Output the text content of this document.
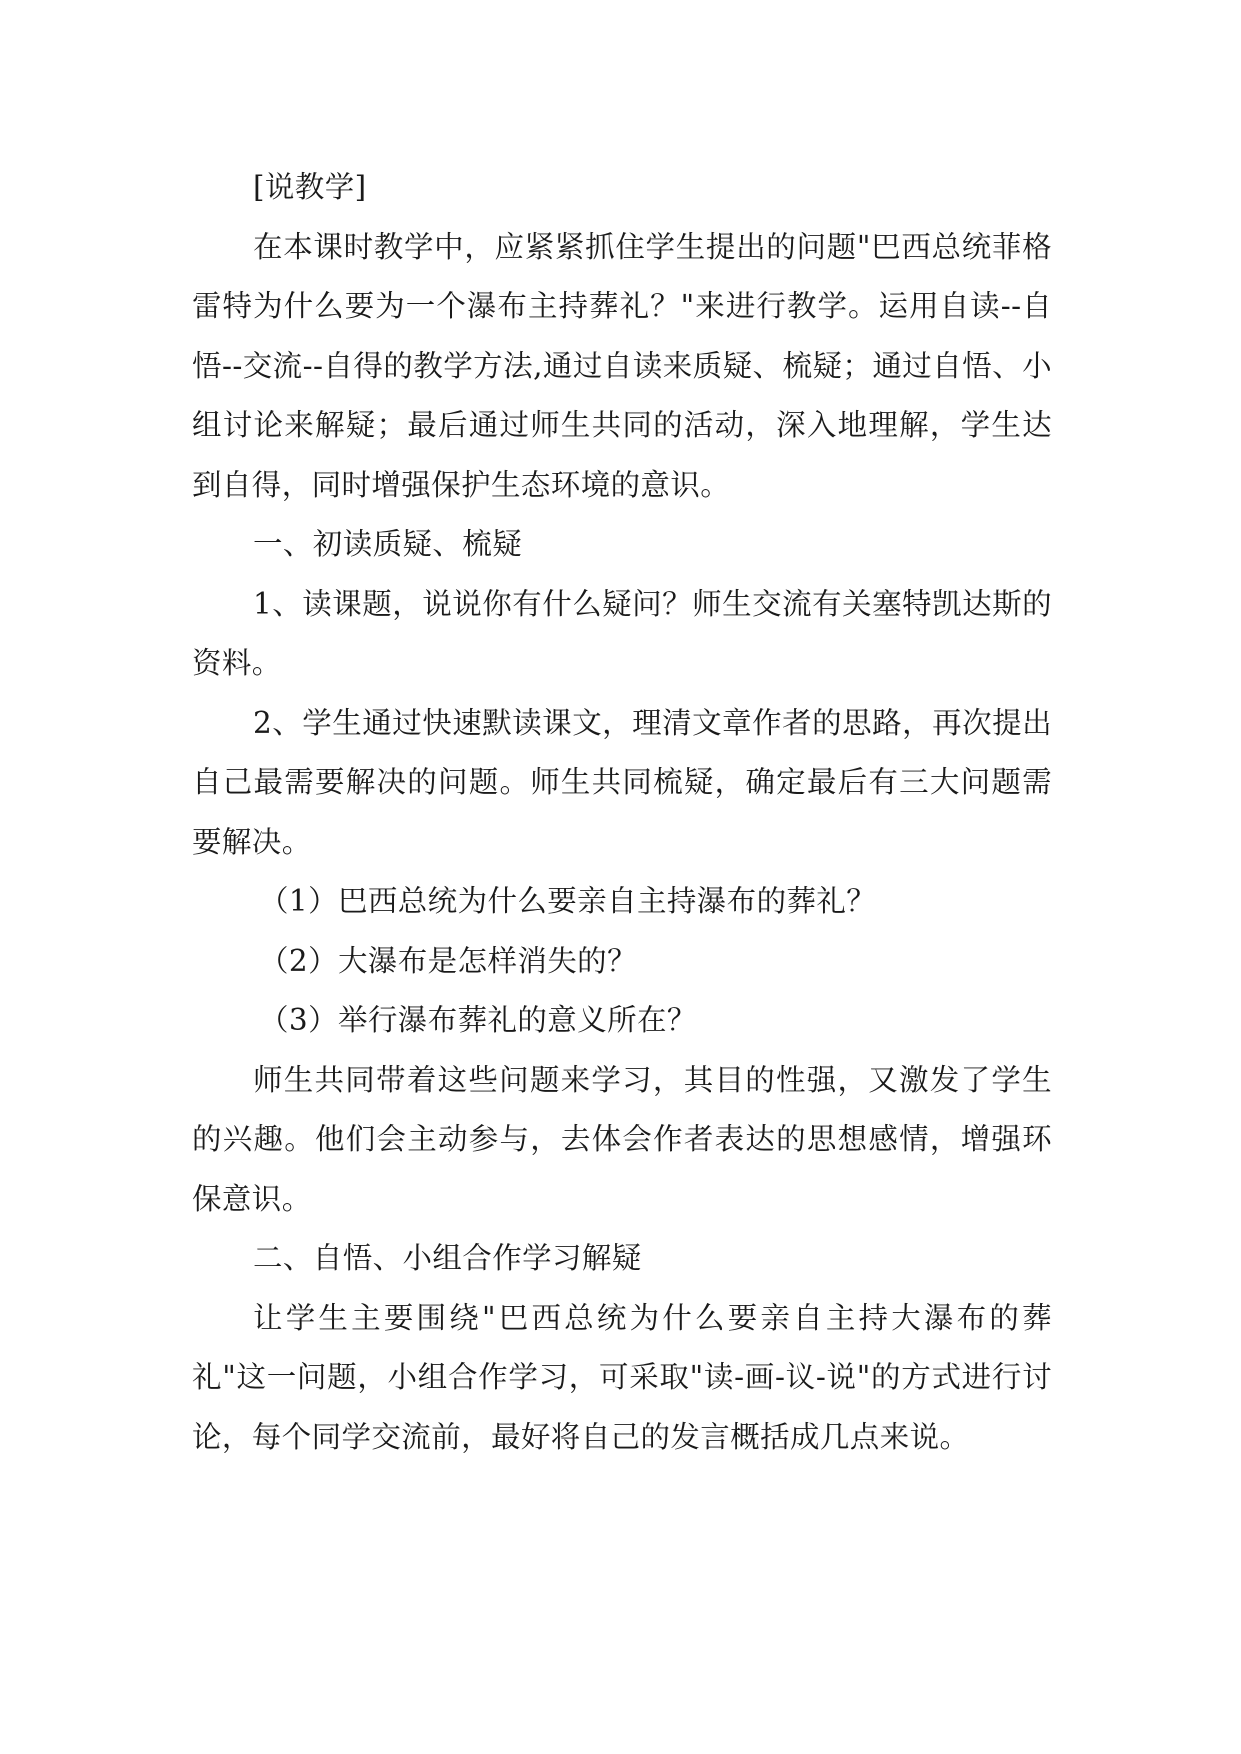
[说教学]

在本课时教学中，应紧紧抓住学生提出的问题"巴西总统菲格雷特为什么要为一个瀑布主持葬礼？"来进行教学。运用自读--自悟--交流--自得的教学方法,通过自读来质疑、梳疑；通过自悟、小组讨论来解疑；最后通过师生共同的活动，深入地理解，学生达到自得，同时增强保护生态环境的意识。

一、初读质疑、梳疑

1、读课题，说说你有什么疑问？师生交流有关塞特凯达斯的资料。

2、学生通过快速默读课文，理清文章作者的思路，再次提出自己最需要解决的问题。师生共同梳疑，确定最后有三大问题需要解决。

（1）巴西总统为什么要亲自主持瀑布的葬礼？

（2）大瀑布是怎样消失的？

（3）举行瀑布葬礼的意义所在？

师生共同带着这些问题来学习，其目的性强，又激发了学生的兴趣。他们会主动参与，去体会作者表达的思想感情，增强环保意识。

二、自悟、小组合作学习解疑

让学生主要围绕"巴西总统为什么要亲自主持大瀑布的葬礼"这一问题，小组合作学习，可采取"读-画-议-说"的方式进行讨论，每个同学交流前，最好将自己的发言概括成几点来说。
